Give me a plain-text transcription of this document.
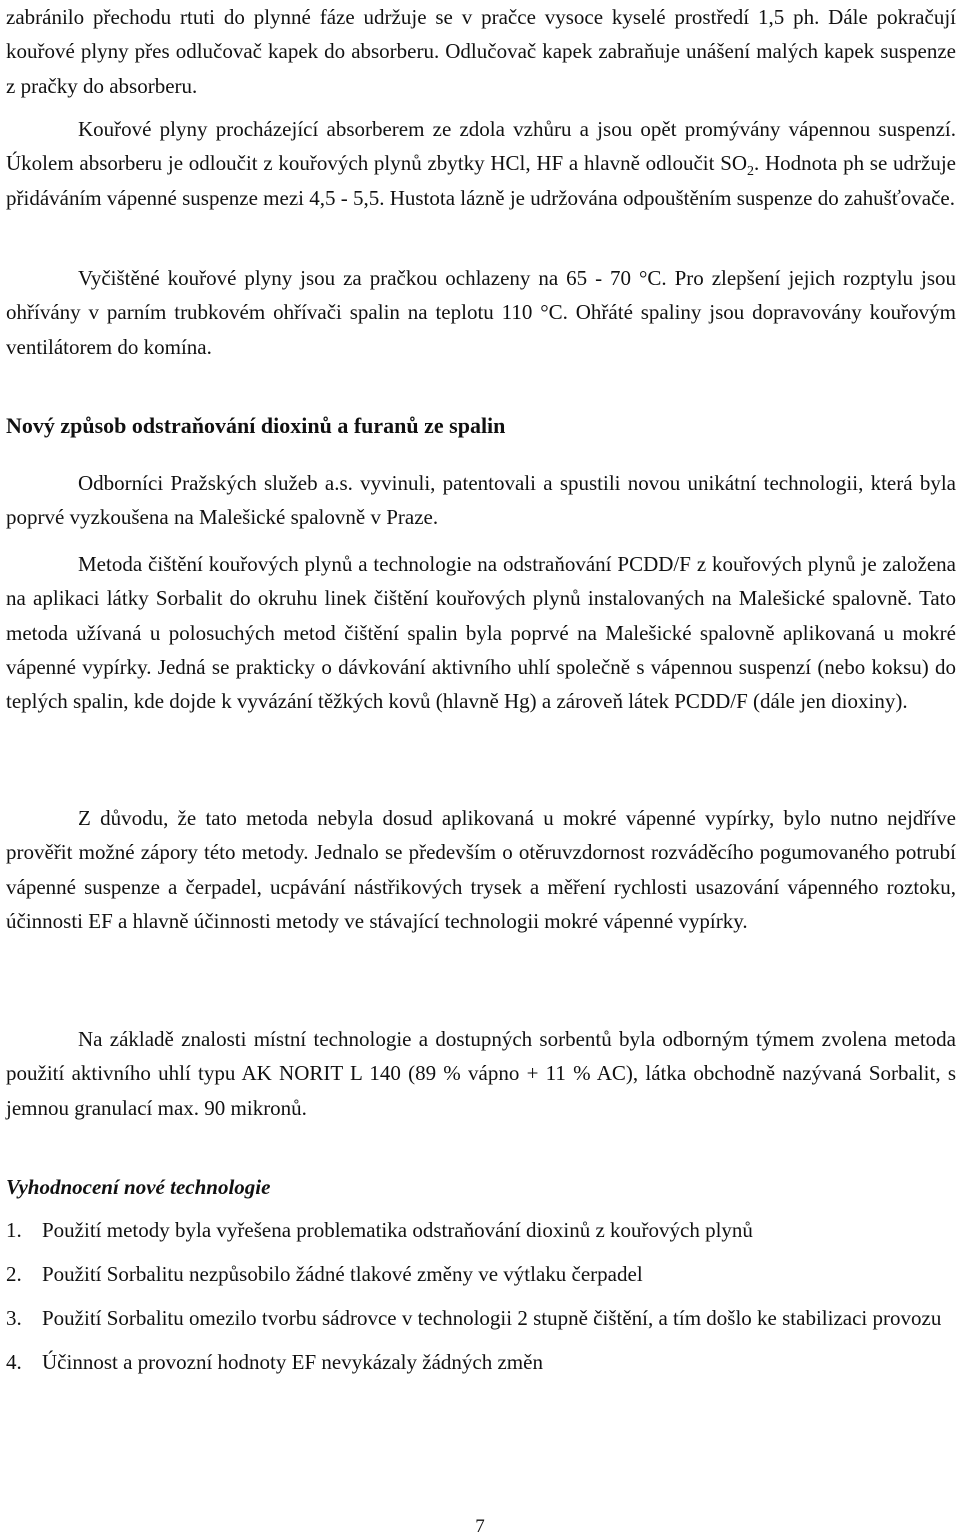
zabránilo přechodu rtuti do plynné fáze udržuje se v pračce vysoce kyselé prostředí 1,5 ph. Dále pokračují kouřové plyny přes odlučovač kapek do absorberu. Odlučovač kapek zabraňuje unášení malých kapek suspenze z pračky do absorberu.

Kouřové plyny procházející absorberem ze zdola vzhůru a jsou opět promývány vápennou suspenzí. Úkolem absorberu je odloučit z kouřových plynů zbytky HCl, HF a hlavně odloučit $SO_2$. Hodnota ph se udržuje přidáváním vápenné suspenze mezi 4,5 - 5,5. Hustota lázně je udržována odpouštěním suspenze do zahušťovače.

Vyčištěné kouřové plyny jsou za pračkou ochlazeny na 65 - 70 °C. Pro zlepšení jejich rozptylu jsou ohřívány v parním trubkovém ohřívači spalin na teplotu 110 °C. Ohřáté spaliny jsou dopravovány kouřovým ventilátorem do komína.

Nový způsob odstraňování dioxinů a furanů ze spalin

Odborníci Pražských služeb a.s. vyvinuli, patentovali a spustili novou unikátní technologii, která byla poprvé vyzkoušena na Malešické spalovně v Praze.

Metoda čištění kouřových plynů a technologie na odstraňování PCDD/F z kouřových plynů je založena na aplikaci látky Sorbalit do okruhu linek čištění kouřových plynů instalovaných na Malešické spalovně. Tato metoda užívaná u polosuchých metod čištění spalin byla poprvé na Malešické spalovně aplikovaná u mokré vápenné vypírky. Jedná se prakticky o dávkování aktivního uhlí společně s vápennou suspenzí (nebo koksu) do teplých spalin, kde dojde k vyvázání těžkých kovů (hlavně Hg) a zároveň látek PCDD/F (dále jen dioxiny).

Z důvodu, že tato metoda nebyla dosud aplikovaná u mokré vápenné vypírky, bylo nutno nejdříve prověřit možné zápory této metody. Jednalo se především o otěruvzdornost rozváděcího pogumovaného potrubí vápenné suspenze a čerpadel, ucpávání nástřikových trysek a měření rychlosti usazování vápenného roztoku, účinnosti EF a hlavně účinnosti metody ve stávající technologii mokré vápenné vypírky.

Na základě znalosti místní technologie a dostupných sorbentů byla odborným týmem zvolena metoda použití aktivního uhlí typu AK NORIT L 140 (89 % vápno + 11 % AC), látka obchodně nazývaná Sorbalit, s jemnou granulací max. 90 mikronů.

Vyhodnocení nové technologie
1. Použití metody byla vyřešena problematika odstraňování dioxinů z kouřových plynů
2. Použití Sorbalitu nezpůsobilo žádné tlakové změny ve výtlaku čerpadel
3. Použití Sorbalitu omezilo tvorbu sádrovce v technologii 2 stupně čištění, a tím došlo ke stabilizaci provozu
4. Účinnost a provozní hodnoty EF nevykázaly žádných změn
7
